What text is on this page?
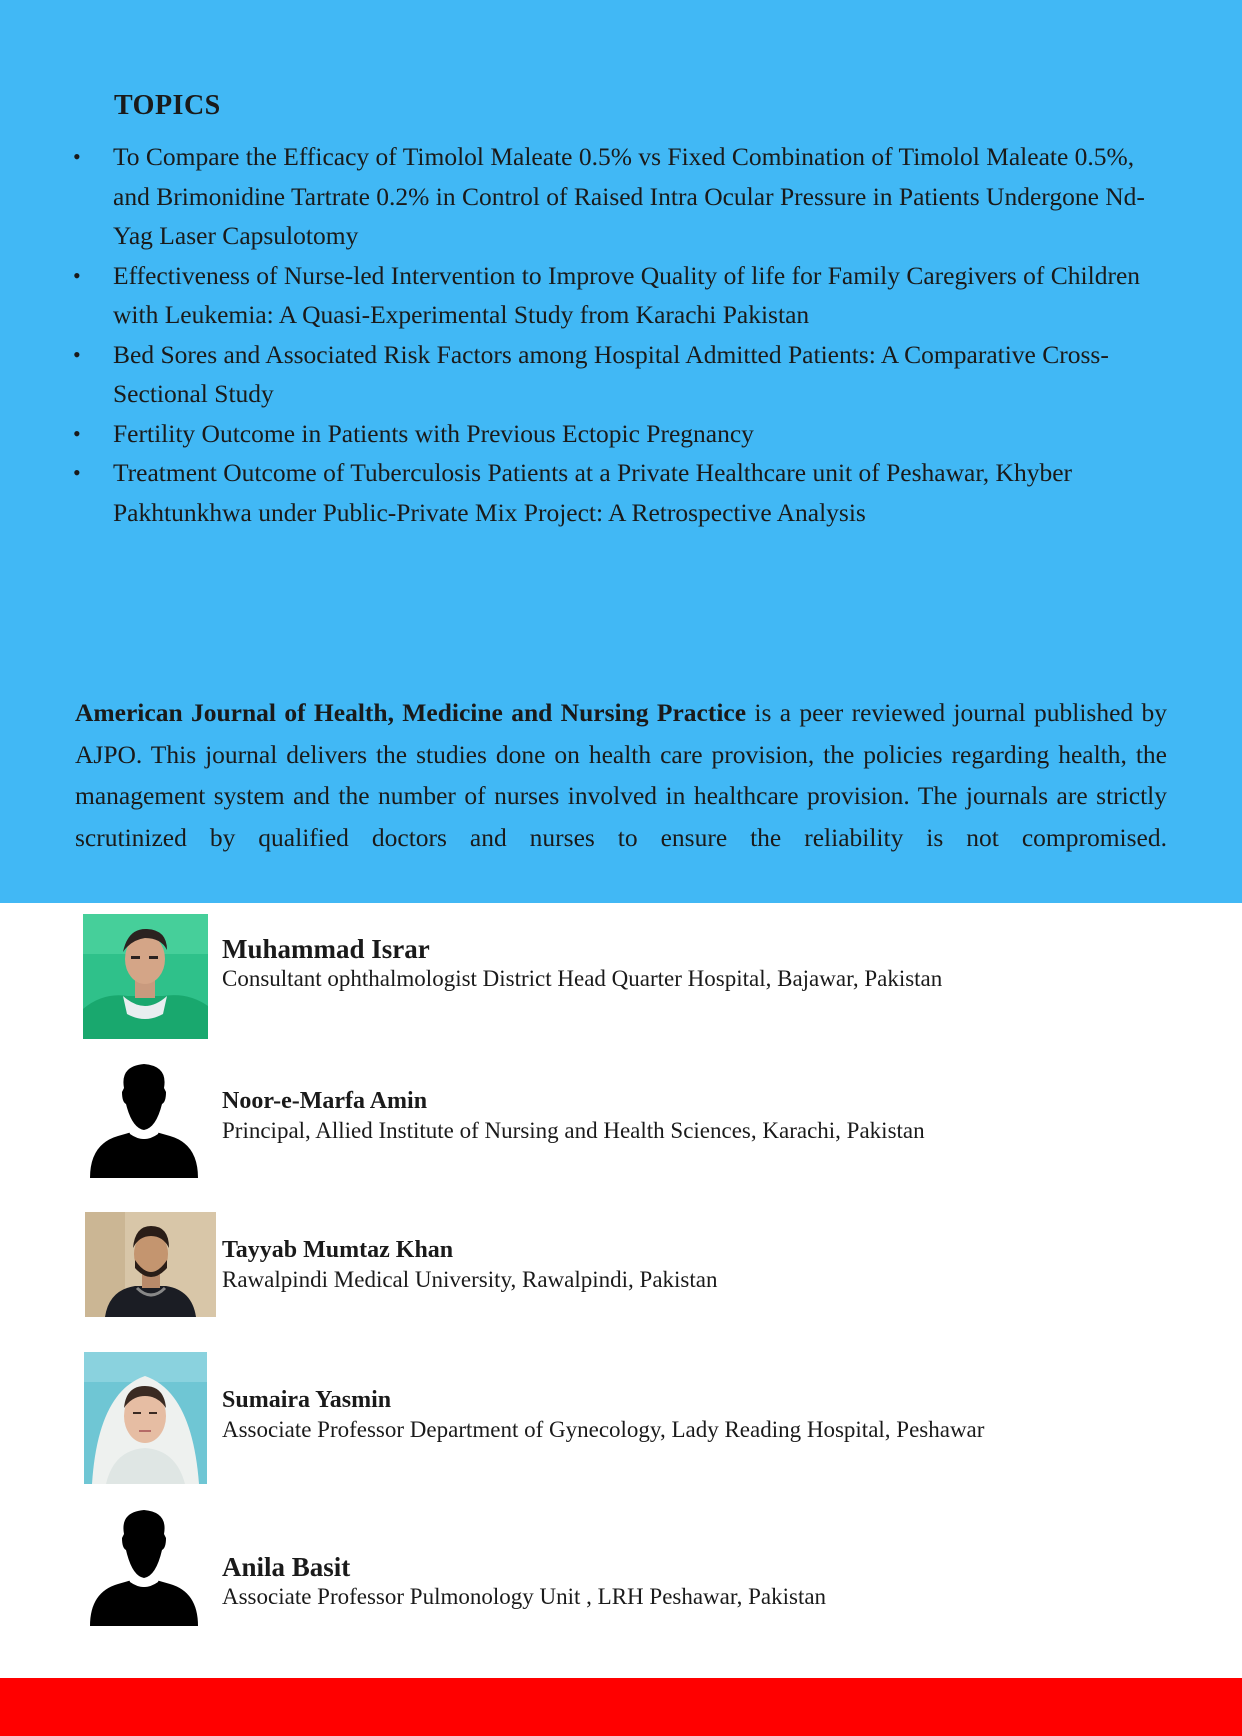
TOPICS
• To Compare the Efficacy of Timolol Maleate 0.5% vs Fixed Combination of Timolol Maleate 0.5%, and Brimonidine Tartrate 0.2% in Control of Raised Intra Ocular Pressure in Patients Undergone Nd-Yag Laser Capsulotomy
• Effectiveness of Nurse-led Intervention to Improve Quality of life for Family Caregivers of Children with Leukemia: A Quasi-Experimental Study from Karachi Pakistan
• Bed Sores and Associated Risk Factors among Hospital Admitted Patients: A Comparative Cross-Sectional Study
• Fertility Outcome in Patients with Previous Ectopic Pregnancy
• Treatment Outcome of Tuberculosis Patients at a Private Healthcare unit of Peshawar, Khyber Pakhtunkhwa under Public-Private Mix Project: A Retrospective Analysis

American Journal of Health, Medicine and Nursing Practice is a peer reviewed journal published by AJPO. This journal delivers the studies done on health care provision, the policies regarding health, the management system and the number of nurses involved in healthcare provision. The journals are strictly scrutinized by qualified doctors and nurses to ensure the reliability is not compromised.

Muhammad Israr
Consultant ophthalmologist District Head Quarter Hospital, Bajawar, Pakistan
Noor-e-Marfa Amin
Principal, Allied Institute of Nursing and Health Sciences, Karachi, Pakistan
Tayyab Mumtaz Khan
Rawalpindi Medical University, Rawalpindi, Pakistan
Sumaira Yasmin
Associate Professor Department of Gynecology, Lady Reading Hospital, Peshawar
Anila Basit
Associate Professor Pulmonology Unit , LRH Peshawar, Pakistan
